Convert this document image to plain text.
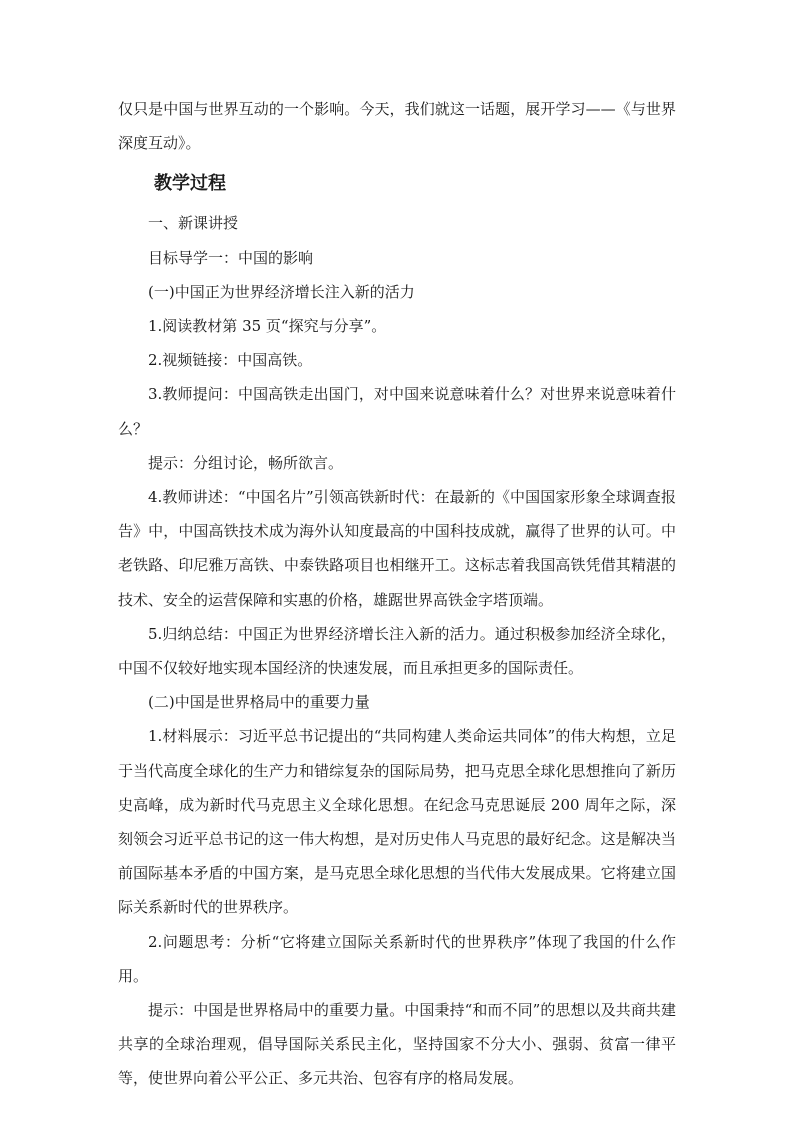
仅只是中国与世界互动的一个影响。今天，我们就这一话题，展开学习——《与世界深度互动》。

教学过程

一、新课讲授

目标导学一：中国的影响

(一)中国正为世界经济增长注入新的活力

1.阅读教材第 35 页“探究与分享”。

2.视频链接：中国高铁。

3.教师提问：中国高铁走出国门，对中国来说意味着什么？对世界来说意味着什么？

提示：分组讨论，畅所欲言。

4.教师讲述：“中国名片”引领高铁新时代：在最新的《中国国家形象全球调查报告》中，中国高铁技术成为海外认知度最高的中国科技成就，赢得了世界的认可。中老铁路、印尼雅万高铁、中泰铁路项目也相继开工。这标志着我国高铁凭借其精湛的技术、安全的运营保障和实惠的价格，雄踞世界高铁金字塔顶端。

5.归纳总结：中国正为世界经济增长注入新的活力。通过积极参加经济全球化，中国不仅较好地实现本国经济的快速发展，而且承担更多的国际责任。

(二)中国是世界格局中的重要力量

1.材料展示：习近平总书记提出的“共同构建人类命运共同体”的伟大构想，立足于当代高度全球化的生产力和错综复杂的国际局势，把马克思全球化思想推向了新历史高峰，成为新时代马克思主义全球化思想。在纪念马克思诞辰 200 周年之际，深刻领会习近平总书记的这一伟大构想，是对历史伟人马克思的最好纪念。这是解决当前国际基本矛盾的中国方案，是马克思全球化思想的当代伟大发展成果。它将建立国际关系新时代的世界秩序。

2.问题思考：分析“它将建立国际关系新时代的世界秩序”体现了我国的什么作用。

提示：中国是世界格局中的重要力量。中国秉持“和而不同”的思想以及共商共建共享的全球治理观，倡导国际关系民主化，坚持国家不分大小、强弱、贫富一律平等，使世界向着公平公正、多元共治、包容有序的格局发展。
